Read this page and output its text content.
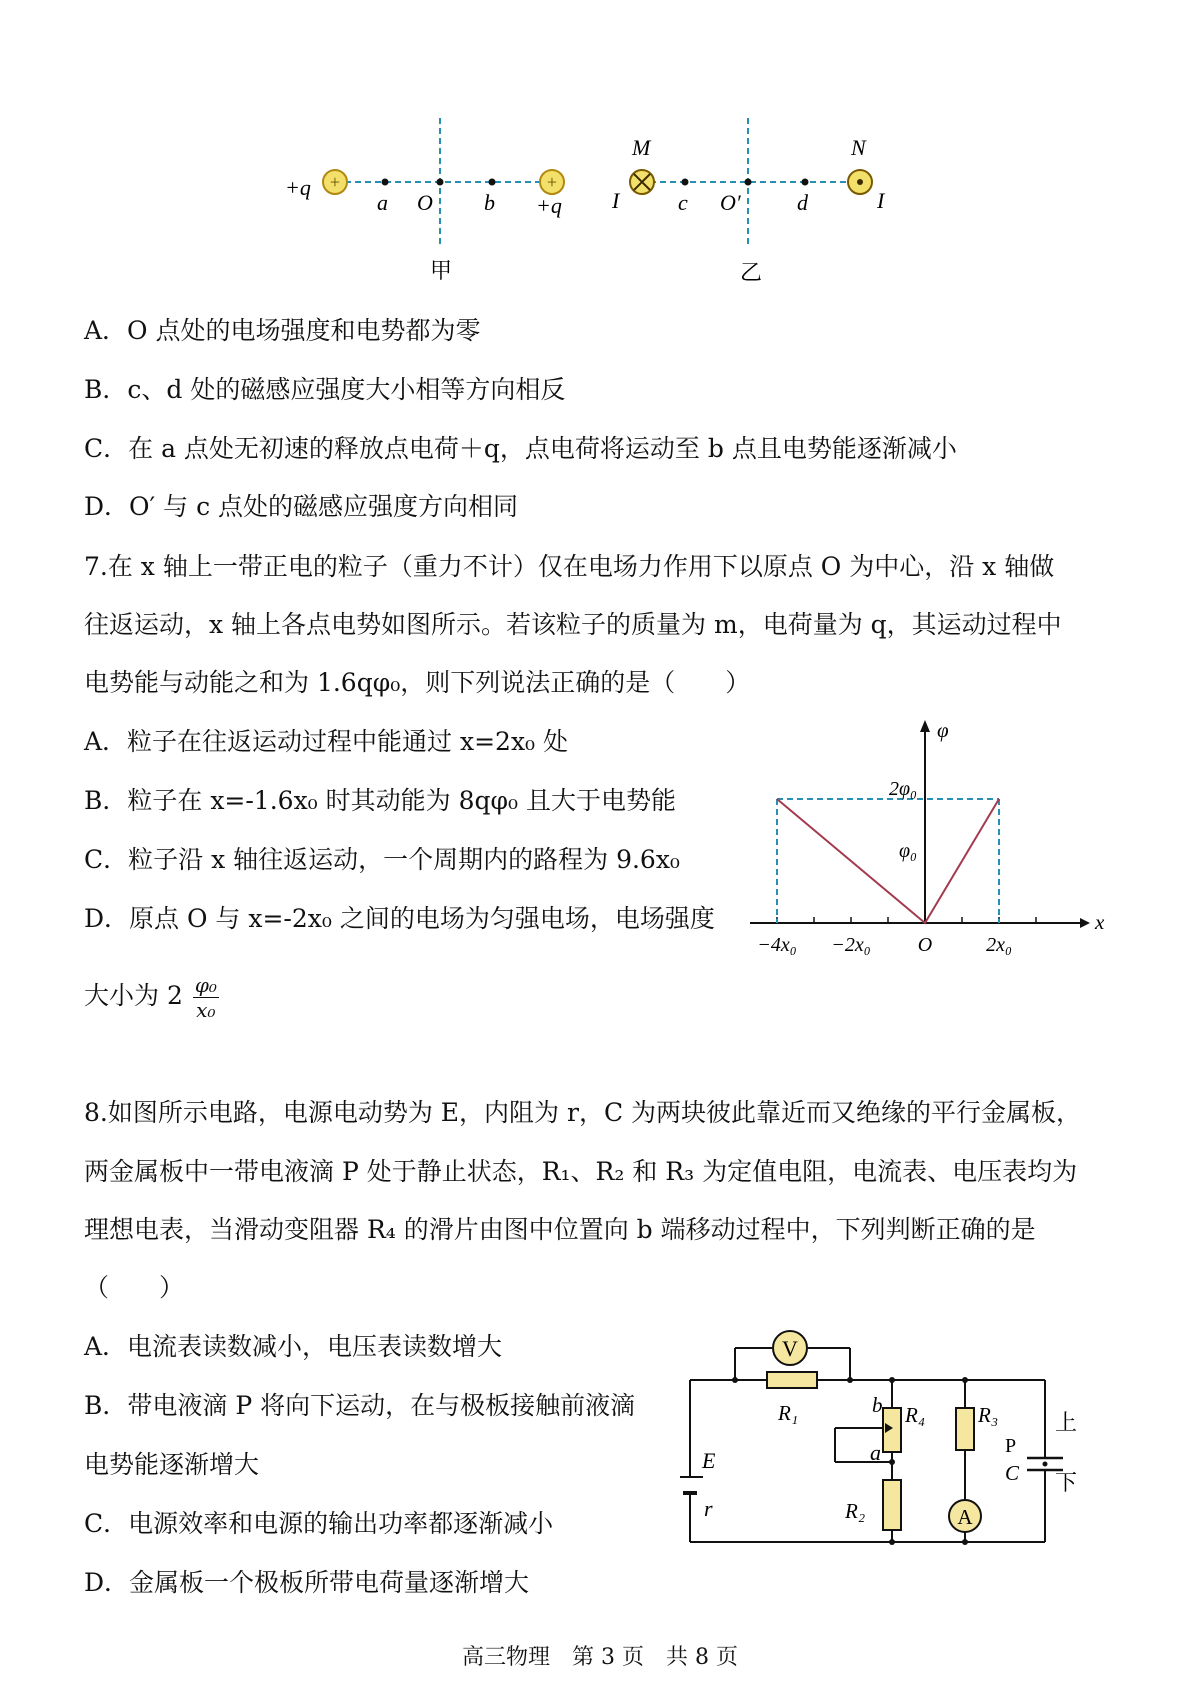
+	+
+q
a O b +q
甲
M	N
I	I
c O′	d
乙
A．O 点处的电场强度和电势都为零
B．c、d 处的磁感应强度大小相等方向相反
C．在 a 点处无初速的释放点电荷＋q，点电荷将运动至 b 点且电势能逐渐减小
D．O′ 与 c 点处的磁感应强度方向相同
7.在 x 轴上一带正电的粒子（重力不计）仅在电场力作用下以原点 O 为中心，沿 x 轴做
往返运动，x 轴上各点电势如图所示。若该粒子的质量为 m，电荷量为 q，其运动过程中
电势能与动能之和为 1.6qφ₀，则下列说法正确的是（　　）
A．粒子在往返运动过程中能通过 x=2x₀ 处
B．粒子在 x=-1.6x₀ 时其动能为 8qφ₀ 且大于电势能
C．粒子沿 x 轴往返运动，一个周期内的路程为 9.6x₀
D．原点 O 与 x=-2x₀ 之间的电场为匀强电场，电场强度
大小为 $2 \frac{\text{φ₀}}{\text{x₀}}$
x
φ
−4x₀ −2x₀ O	2x₀
φ₀
2φ₀
8.如图所示电路，电源电动势为 E，内阻为 r，C 为两块彼此靠近而又绝缘的平行金属板，
两金属板中一带电液滴 P 处于静止状态，R₁、R₂ 和 R₃ 为定值电阻，电流表、电压表均为
理想电表，当滑动变阻器 R₄ 的滑片由图中位置向 b 端移动过程中，下列判断正确的是
（　　）
A．电流表读数减小，电压表读数增大
B．带电液滴 P 将向下运动，在与极板接触前液滴
电势能逐渐增大
C．电源效率和电源的输出功率都逐渐减小
D．金属板一个极板所带电荷量逐渐增大
V
A
R₁	R₄	R₃
R₂
b
a
E
r
P
C
上
下
高三物理　第 3 页　共 8 页
